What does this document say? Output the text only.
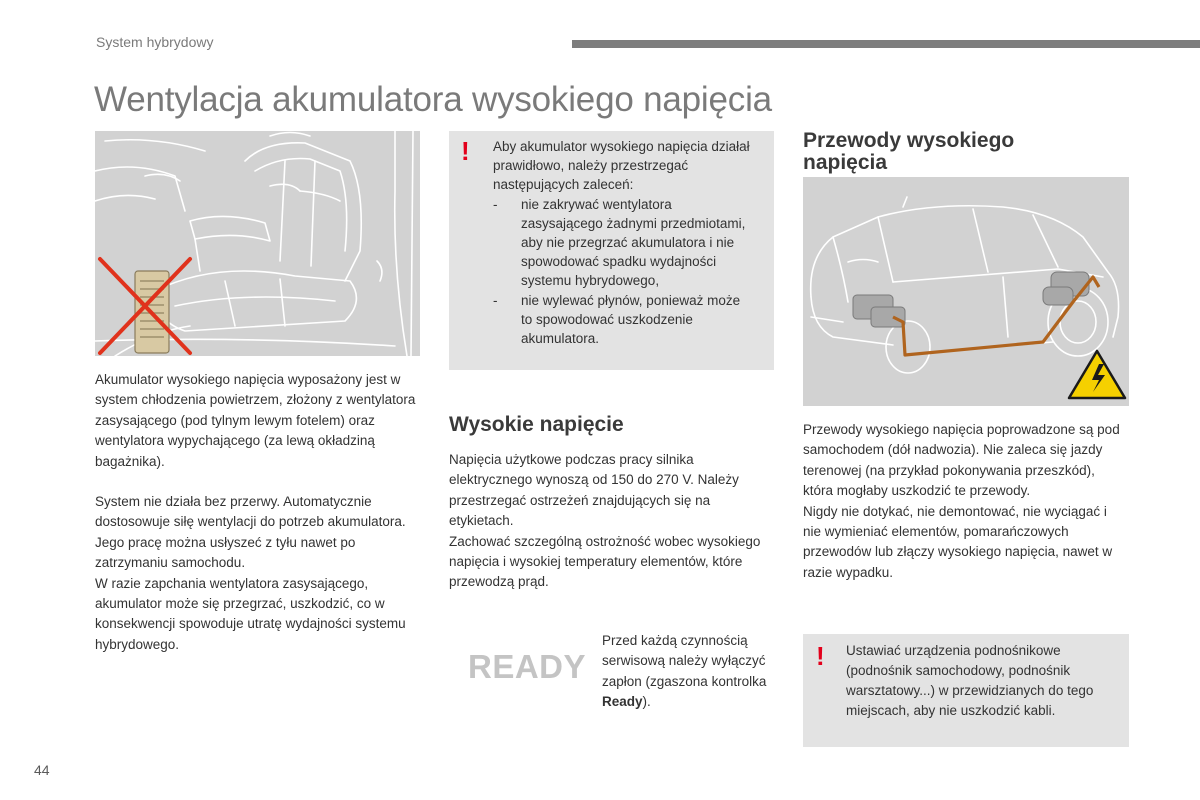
System hybrydowy
Wentylacja akumulatora wysokiego napięcia

Akumulator wysokiego napięcia wyposażony jest w system chłodzenia powietrzem, złożony z wentylatora zasysającego (pod tylnym lewym fotelem) oraz wentylatora wypychającego (za lewą okładziną bagażnika).

System nie działa bez przerwy. Automatycznie dostosowuje siłę wentylacji do potrzeb akumulatora.
Jego pracę można usłyszeć z tyłu nawet po zatrzymaniu samochodu.
W razie zapchania wentylatora zasysającego, akumulator może się przegrzać, uszkodzić, co w konsekwencji spowoduje utratę wydajności systemu hybrydowego.
! Aby akumulator wysokiego napięcia działał prawidłowo, należy przestrzegać następujących zaleceń:
- nie zakrywać wentylatora zasysającego żadnymi przedmiotami, aby nie przegrzać akumulatora i nie spowodować spadku wydajności systemu hybrydowego,
- nie wylewać płynów, ponieważ może to spowodować uszkodzenie akumulatora.
Wysokie napięcie
Napięcia użytkowe podczas pracy silnika elektrycznego wynoszą od 150 do 270 V. Należy przestrzegać ostrzeżeń znajdujących się na etykietach.
Zachować szczególną ostrożność wobec wysokiego napięcia i wysokiej temperatury elementów, które przewodzą prąd.
READY
Przed każdą czynnością serwisową należy wyłączyć zapłon (zgaszona kontrolka Ready).
Przewody wysokiego napięcia
Przewody wysokiego napięcia poprowadzone są pod samochodem (dół nadwozia). Nie zaleca się jazdy terenowej (na przykład pokonywania przeszkód), która mogłaby uszkodzić te przewody.
Nigdy nie dotykać, nie demontować, nie wyciągać i nie wymieniać elementów, pomarańczowych przewodów lub złączy wysokiego napięcia, nawet w razie wypadku.
! Ustawiać urządzenia podnośnikowe (podnośnik samochodowy, podnośnik warsztatowy...) w przewidzianych do tego miejscach, aby nie uszkodzić kabli.
44
